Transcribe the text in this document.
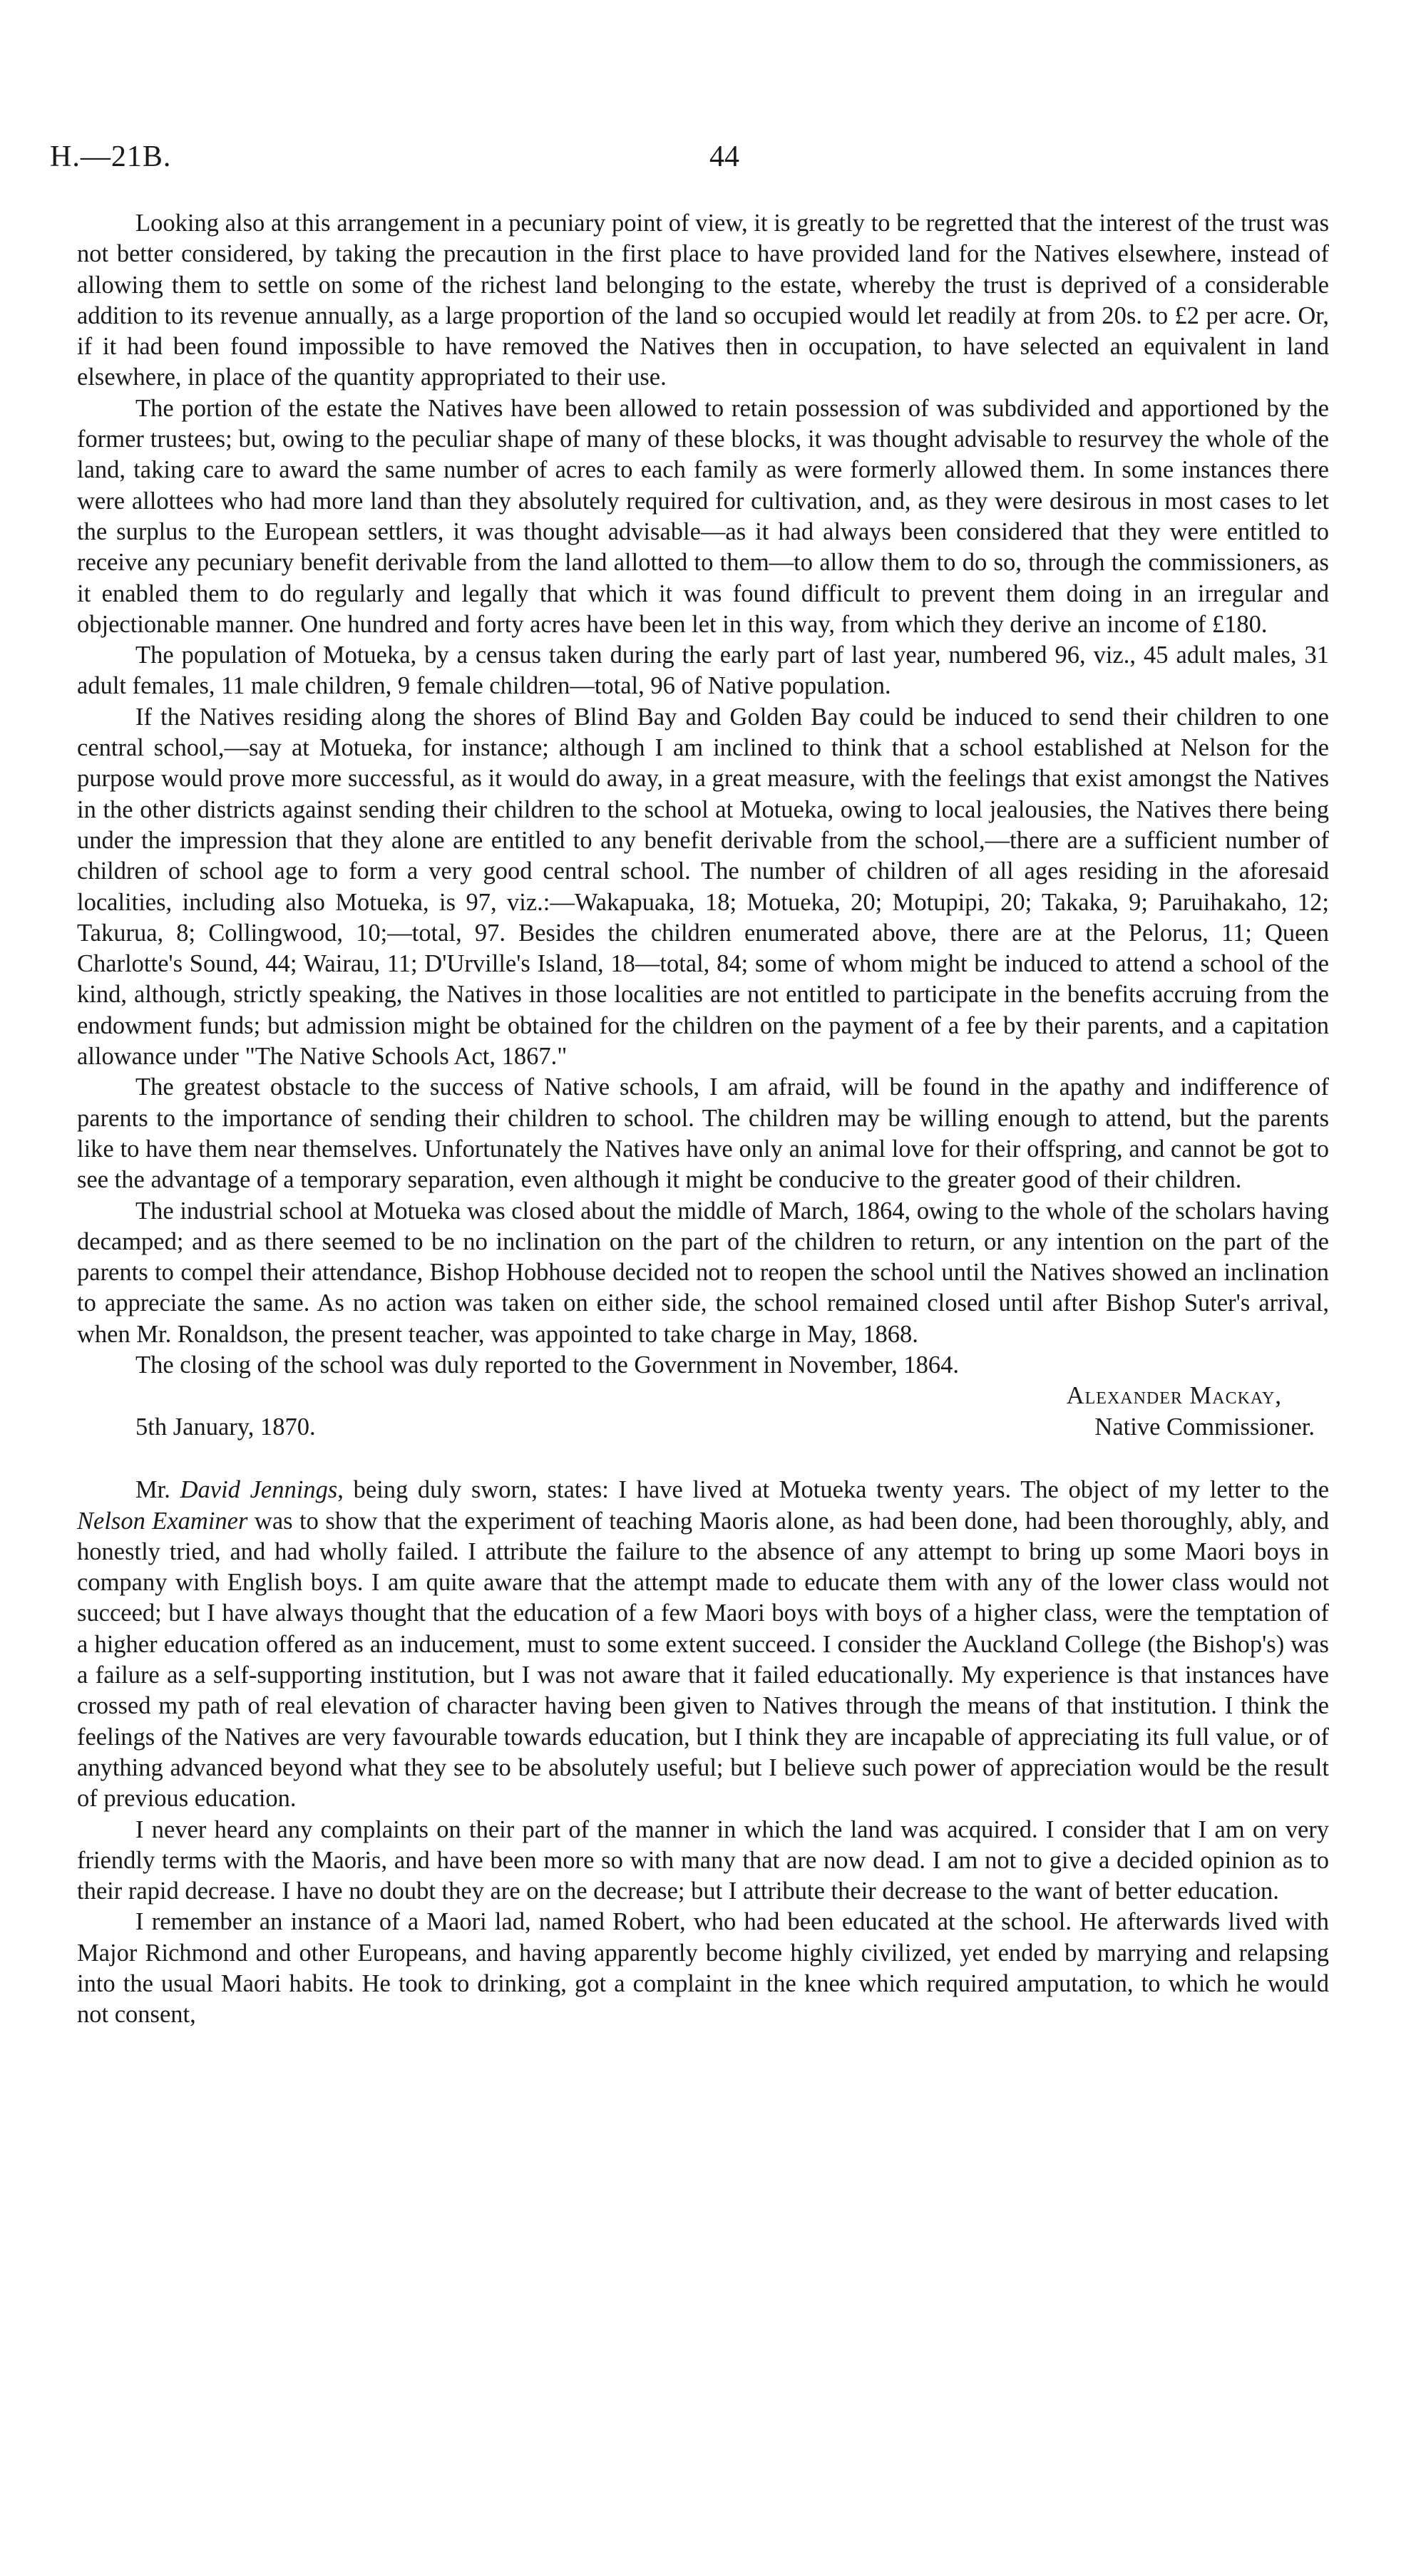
H.—21B.	44

Looking also at this arrangement in a pecuniary point of view, it is greatly to be regretted that the interest of the trust was not better considered, by taking the precaution in the first place to have provided land for the Natives elsewhere, instead of allowing them to settle on some of the richest land belonging to the estate, whereby the trust is deprived of a considerable addition to its revenue annually, as a large proportion of the land so occupied would let readily at from 20s. to £2 per acre. Or, if it had been found impossible to have removed the Natives then in occupation, to have selected an equivalent in land elsewhere, in place of the quantity appropriated to their use.

The portion of the estate the Natives have been allowed to retain possession of was subdivided and apportioned by the former trustees; but, owing to the peculiar shape of many of these blocks, it was thought advisable to resurvey the whole of the land, taking care to award the same number of acres to each family as were formerly allowed them. In some instances there were allottees who had more land than they absolutely required for cultivation, and, as they were desirous in most cases to let the surplus to the European settlers, it was thought advisable—as it had always been considered that they were entitled to receive any pecuniary benefit derivable from the land allotted to them—to allow them to do so, through the commissioners, as it enabled them to do regularly and legally that which it was found difficult to prevent them doing in an irregular and objectionable manner. One hundred and forty acres have been let in this way, from which they derive an income of £180.

The population of Motueka, by a census taken during the early part of last year, numbered 96, viz., 45 adult males, 31 adult females, 11 male children, 9 female children—total, 96 of Native population.

If the Natives residing along the shores of Blind Bay and Golden Bay could be induced to send their children to one central school,—say at Motueka, for instance; although I am inclined to think that a school established at Nelson for the purpose would prove more successful, as it would do away, in a great measure, with the feelings that exist amongst the Natives in the other districts against sending their children to the school at Motueka, owing to local jealousies, the Natives there being under the impression that they alone are entitled to any benefit derivable from the school,—there are a sufficient number of children of school age to form a very good central school. The number of children of all ages residing in the aforesaid localities, including also Motueka, is 97, viz.:—Wakapuaka, 18; Motueka, 20; Motupipi, 20; Takaka, 9; Paruihakaho, 12; Takurua, 8; Collingwood, 10;—total, 97. Besides the children enumerated above, there are at the Pelorus, 11; Queen Charlotte's Sound, 44; Wairau, 11; D'Urville's Island, 18—total, 84; some of whom might be induced to attend a school of the kind, although, strictly speaking, the Natives in those localities are not entitled to participate in the benefits accruing from the endowment funds; but admission might be obtained for the children on the payment of a fee by their parents, and a capitation allowance under "The Native Schools Act, 1867."

The greatest obstacle to the success of Native schools, I am afraid, will be found in the apathy and indifference of parents to the importance of sending their children to school. The children may be willing enough to attend, but the parents like to have them near themselves. Unfortunately the Natives have only an animal love for their offspring, and cannot be got to see the advantage of a temporary separation, even although it might be conducive to the greater good of their children.

The industrial school at Motueka was closed about the middle of March, 1864, owing to the whole of the scholars having decamped; and as there seemed to be no inclination on the part of the children to return, or any intention on the part of the parents to compel their attendance, Bishop Hobhouse decided not to reopen the school until the Natives showed an inclination to appreciate the same. As no action was taken on either side, the school remained closed until after Bishop Suter's arrival, when Mr. Ronaldson, the present teacher, was appointed to take charge in May, 1868.

The closing of the school was duly reported to the Government in November, 1864.

Alexander Mackay,
5th January, 1870.	Native Commissioner.

Mr. David Jennings, being duly sworn, states: I have lived at Motueka twenty years. The object of my letter to the Nelson Examiner was to show that the experiment of teaching Maoris alone, as had been done, had been thoroughly, ably, and honestly tried, and had wholly failed. I attribute the failure to the absence of any attempt to bring up some Maori boys in company with English boys. I am quite aware that the attempt made to educate them with any of the lower class would not succeed; but I have always thought that the education of a few Maori boys with boys of a higher class, were the temptation of a higher education offered as an inducement, must to some extent succeed. I consider the Auckland College (the Bishop's) was a failure as a self-supporting institution, but I was not aware that it failed educationally. My experience is that instances have crossed my path of real elevation of character having been given to Natives through the means of that institution. I think the feelings of the Natives are very favourable towards education, but I think they are incapable of appreciating its full value, or of anything advanced beyond what they see to be absolutely useful; but I believe such power of appreciation would be the result of previous education.

I never heard any complaints on their part of the manner in which the land was acquired. I consider that I am on very friendly terms with the Maoris, and have been more so with many that are now dead. I am not to give a decided opinion as to their rapid decrease. I have no doubt they are on the decrease; but I attribute their decrease to the want of better education.

I remember an instance of a Maori lad, named Robert, who had been educated at the school. He afterwards lived with Major Richmond and other Europeans, and having apparently become highly civilized, yet ended by marrying and relapsing into the usual Maori habits. He took to drinking, got a complaint in the knee which required amputation, to which he would not consent,
